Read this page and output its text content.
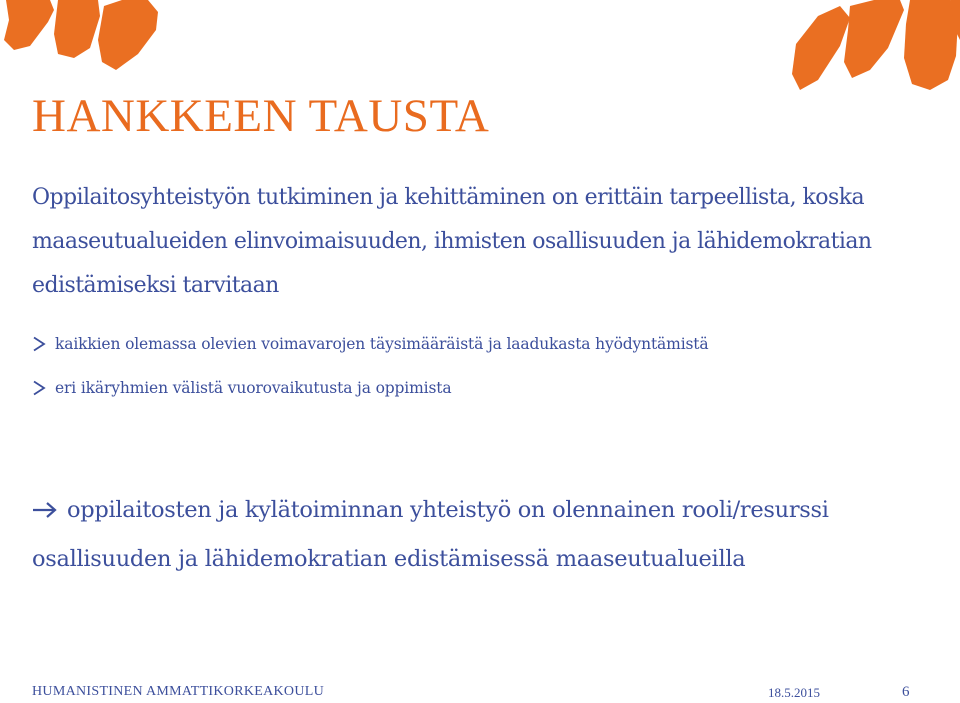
HANKKEEN TAUSTA

Oppilaitosyhteistyön tutkiminen ja kehittäminen on erittäin tarpeellista, koska maaseutualueiden elinvoimaisuuden, ihmisten osallisuuden ja lähidemokratian edistämiseksi tarvitaan

kaikkien olemassa olevien voimavarojen täysimääräistä ja laadukasta hyödyntämistä
eri ikäryhmien välistä vuorovaikutusta ja oppimista

oppilaitosten ja kylätoiminnan yhteistyö on olennainen rooli/resurssi osallisuuden ja lähidemokratian edistämisessä maaseutualueilla

HUMANISTINEN AMMATTIKORKEAKOULU	18.5.2015	6
